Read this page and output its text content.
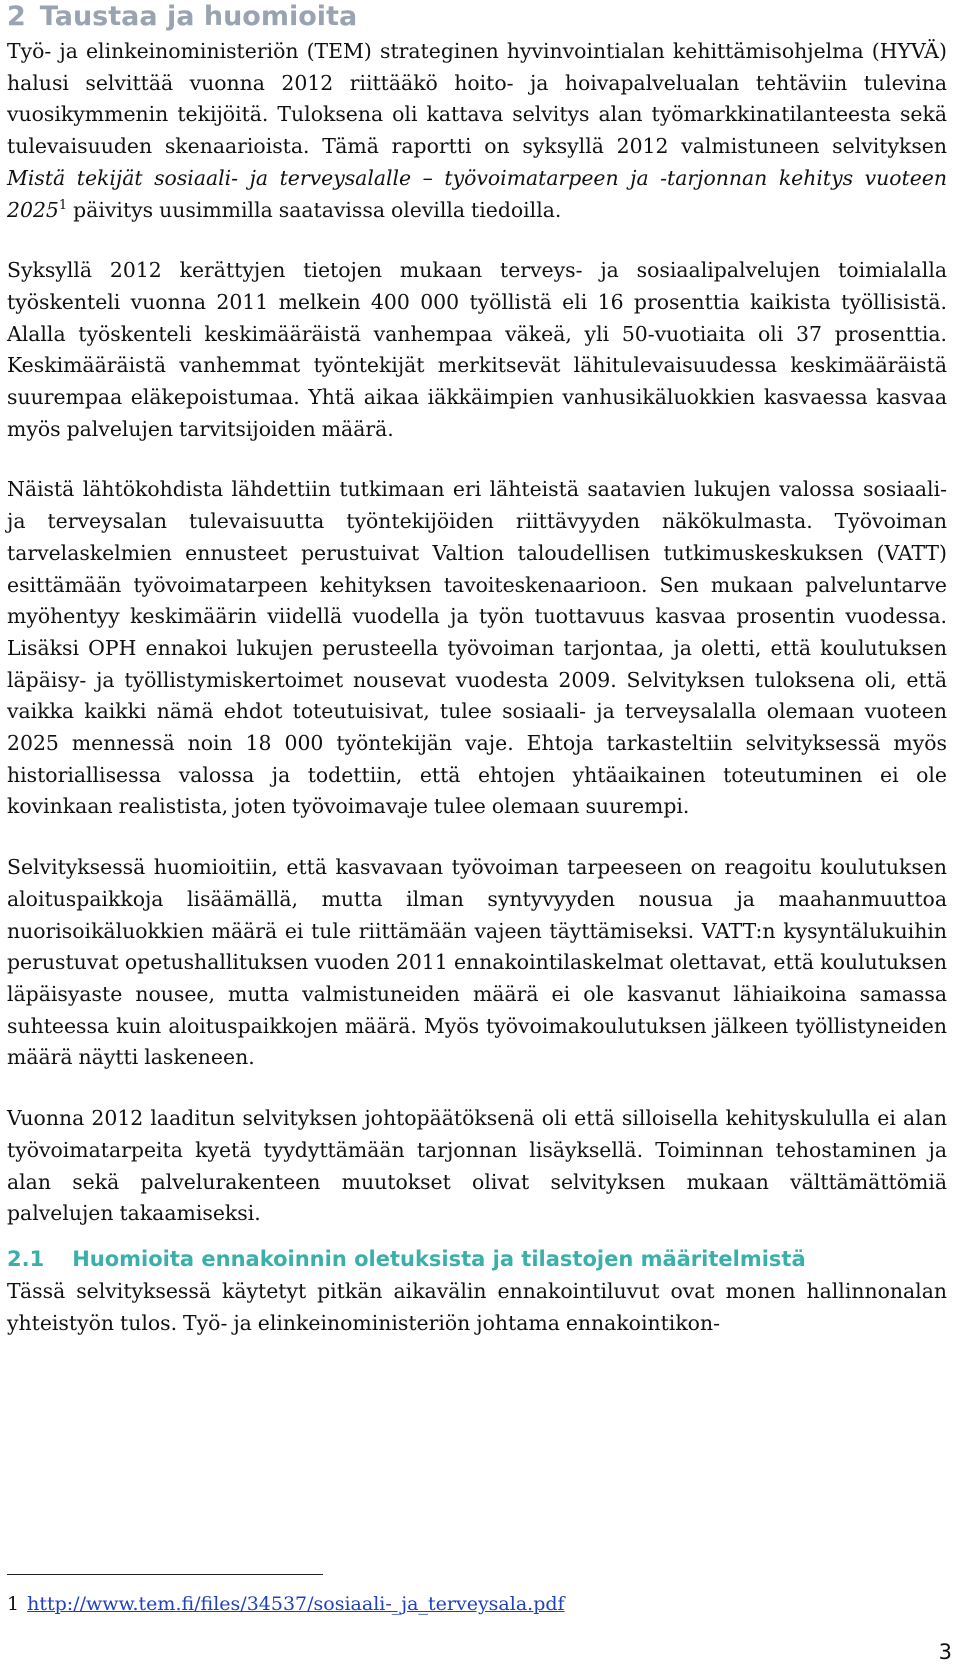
2 Taustaa ja huomioita

Työ- ja elinkeinoministeriön (TEM) strateginen hyvinvointialan kehittämisohjelma (HYVÄ) halusi selvittää vuonna 2012 riittääkö hoito- ja hoivapalvelualan tehtäviin tulevina vuosikymmenin tekijöitä. Tuloksena oli kattava selvitys alan työmarkkinatilanteesta sekä tulevaisuuden skenaarioista. Tämä raportti on syksyllä 2012 valmistuneen selvityksen Mistä tekijät sosiaali- ja terveysalalle – työvoimatarpeen ja -tarjonnan kehitys vuoteen 2025$^1$ päivitys uusimmilla saatavissa olevilla tiedoilla.

Syksyllä 2012 kerättyjen tietojen mukaan terveys- ja sosiaalipalvelujen toimialalla työskenteli vuonna 2011 melkein 400 000 työllistä eli 16 prosenttia kaikista työllisistä. Alalla työskenteli keskimääräistä vanhempaa väkeä, yli 50-vuotiaita oli 37 prosenttia. Keskimääräistä vanhemmat työntekijät merkitsevät lähitulevaisuudessa keskimääräistä suurempaa eläkepoistumaa. Yhtä aikaa iäkkäimpien vanhusikäluokkien kasvaessa kasvaa myös palvelujen tarvitsijoiden määrä.

Näistä lähtökohdista lähdettiin tutkimaan eri lähteistä saatavien lukujen valossa sosiaali- ja terveysalan tulevaisuutta työntekijöiden riittävyyden näkökulmasta. Työvoiman tarvelaskelmien ennusteet perustuivat Valtion taloudellisen tutkimuskeskuksen (VATT) esittämään työvoimatarpeen kehityksen tavoiteskenaarioon. Sen mukaan palveluntarve myöhentyy keskimäärin viidellä vuodella ja työn tuottavuus kasvaa prosentin vuodessa. Lisäksi OPH ennakoi lukujen perusteella työvoiman tarjontaa, ja oletti, että koulutuksen läpäisy- ja työllistymiskertoimet nousevat vuodesta 2009. Selvityksen tuloksena oli, että vaikka kaikki nämä ehdot toteutuisivat, tulee sosiaali- ja terveysalalla olemaan vuoteen 2025 mennessä noin 18 000 työntekijän vaje. Ehtoja tarkasteltiin selvityksessä myös historiallisessa valossa ja todettiin, että ehtojen yhtäaikainen toteutuminen ei ole kovinkaan realistista, joten työvoimavaje tulee olemaan suurempi.

Selvityksessä huomioitiin, että kasvavaan työvoiman tarpeeseen on reagoitu koulutuksen aloituspaikkoja lisäämällä, mutta ilman syntyvyyden nousua ja maahanmuuttoa nuorisoikäluokkien määrä ei tule riittämään vajeen täyttämiseksi. VATT:n kysyntälukuihin perustuvat opetushallituksen vuoden 2011 ennakointilaskelmat olettavat, että koulutuksen läpäisyaste nousee, mutta valmistuneiden määrä ei ole kasvanut lähiaikoina samassa suhteessa kuin aloituspaikkojen määrä. Myös työvoimakoulutuksen jälkeen työllistyneiden määrä näytti laskeneen.

Vuonna 2012 laaditun selvityksen johtopäätöksenä oli että silloisella kehityskululla ei alan työvoimatarpeita kyetä tyydyttämään tarjonnan lisäyksellä. Toiminnan tehostaminen ja alan sekä palvelurakenteen muutokset olivat selvityksen mukaan välttämättömiä palvelujen takaamiseksi.

2.1 Huomioita ennakoinnin oletuksista ja tilastojen määritelmistä

Tässä selvityksessä käytetyt pitkän aikavälin ennakointiluvut ovat monen hallinnonalan yhteistyön tulos. Työ- ja elinkeinoministeriön johtama ennakointikon-

1 http://www.tem.fi/files/34537/sosiaali-_ja_terveysala.pdf
3
